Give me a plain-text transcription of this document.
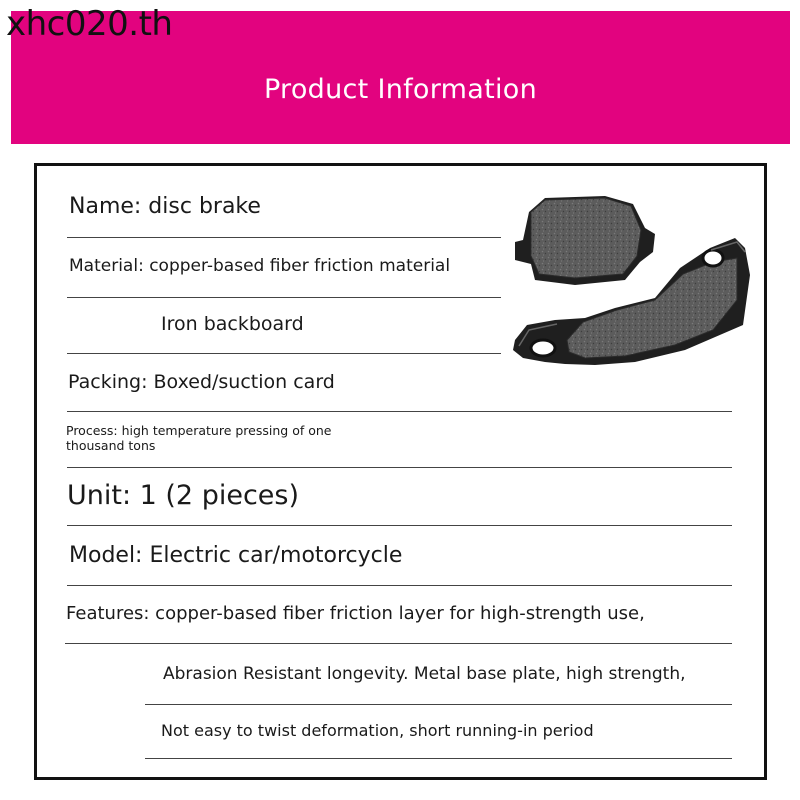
xhc020.th
Product Information
Name: disc brake
Material: copper-based fiber friction material
Iron backboard
Packing: Boxed/suction card
Process: high temperature pressing of one thousand tons
Unit: 1 (2 pieces)
Model: Electric car/motorcycle
Features: copper-based fiber friction layer for high-strength use,
Abrasion Resistant longevity. Metal base plate, high strength,
Not easy to twist deformation, short running-in period
